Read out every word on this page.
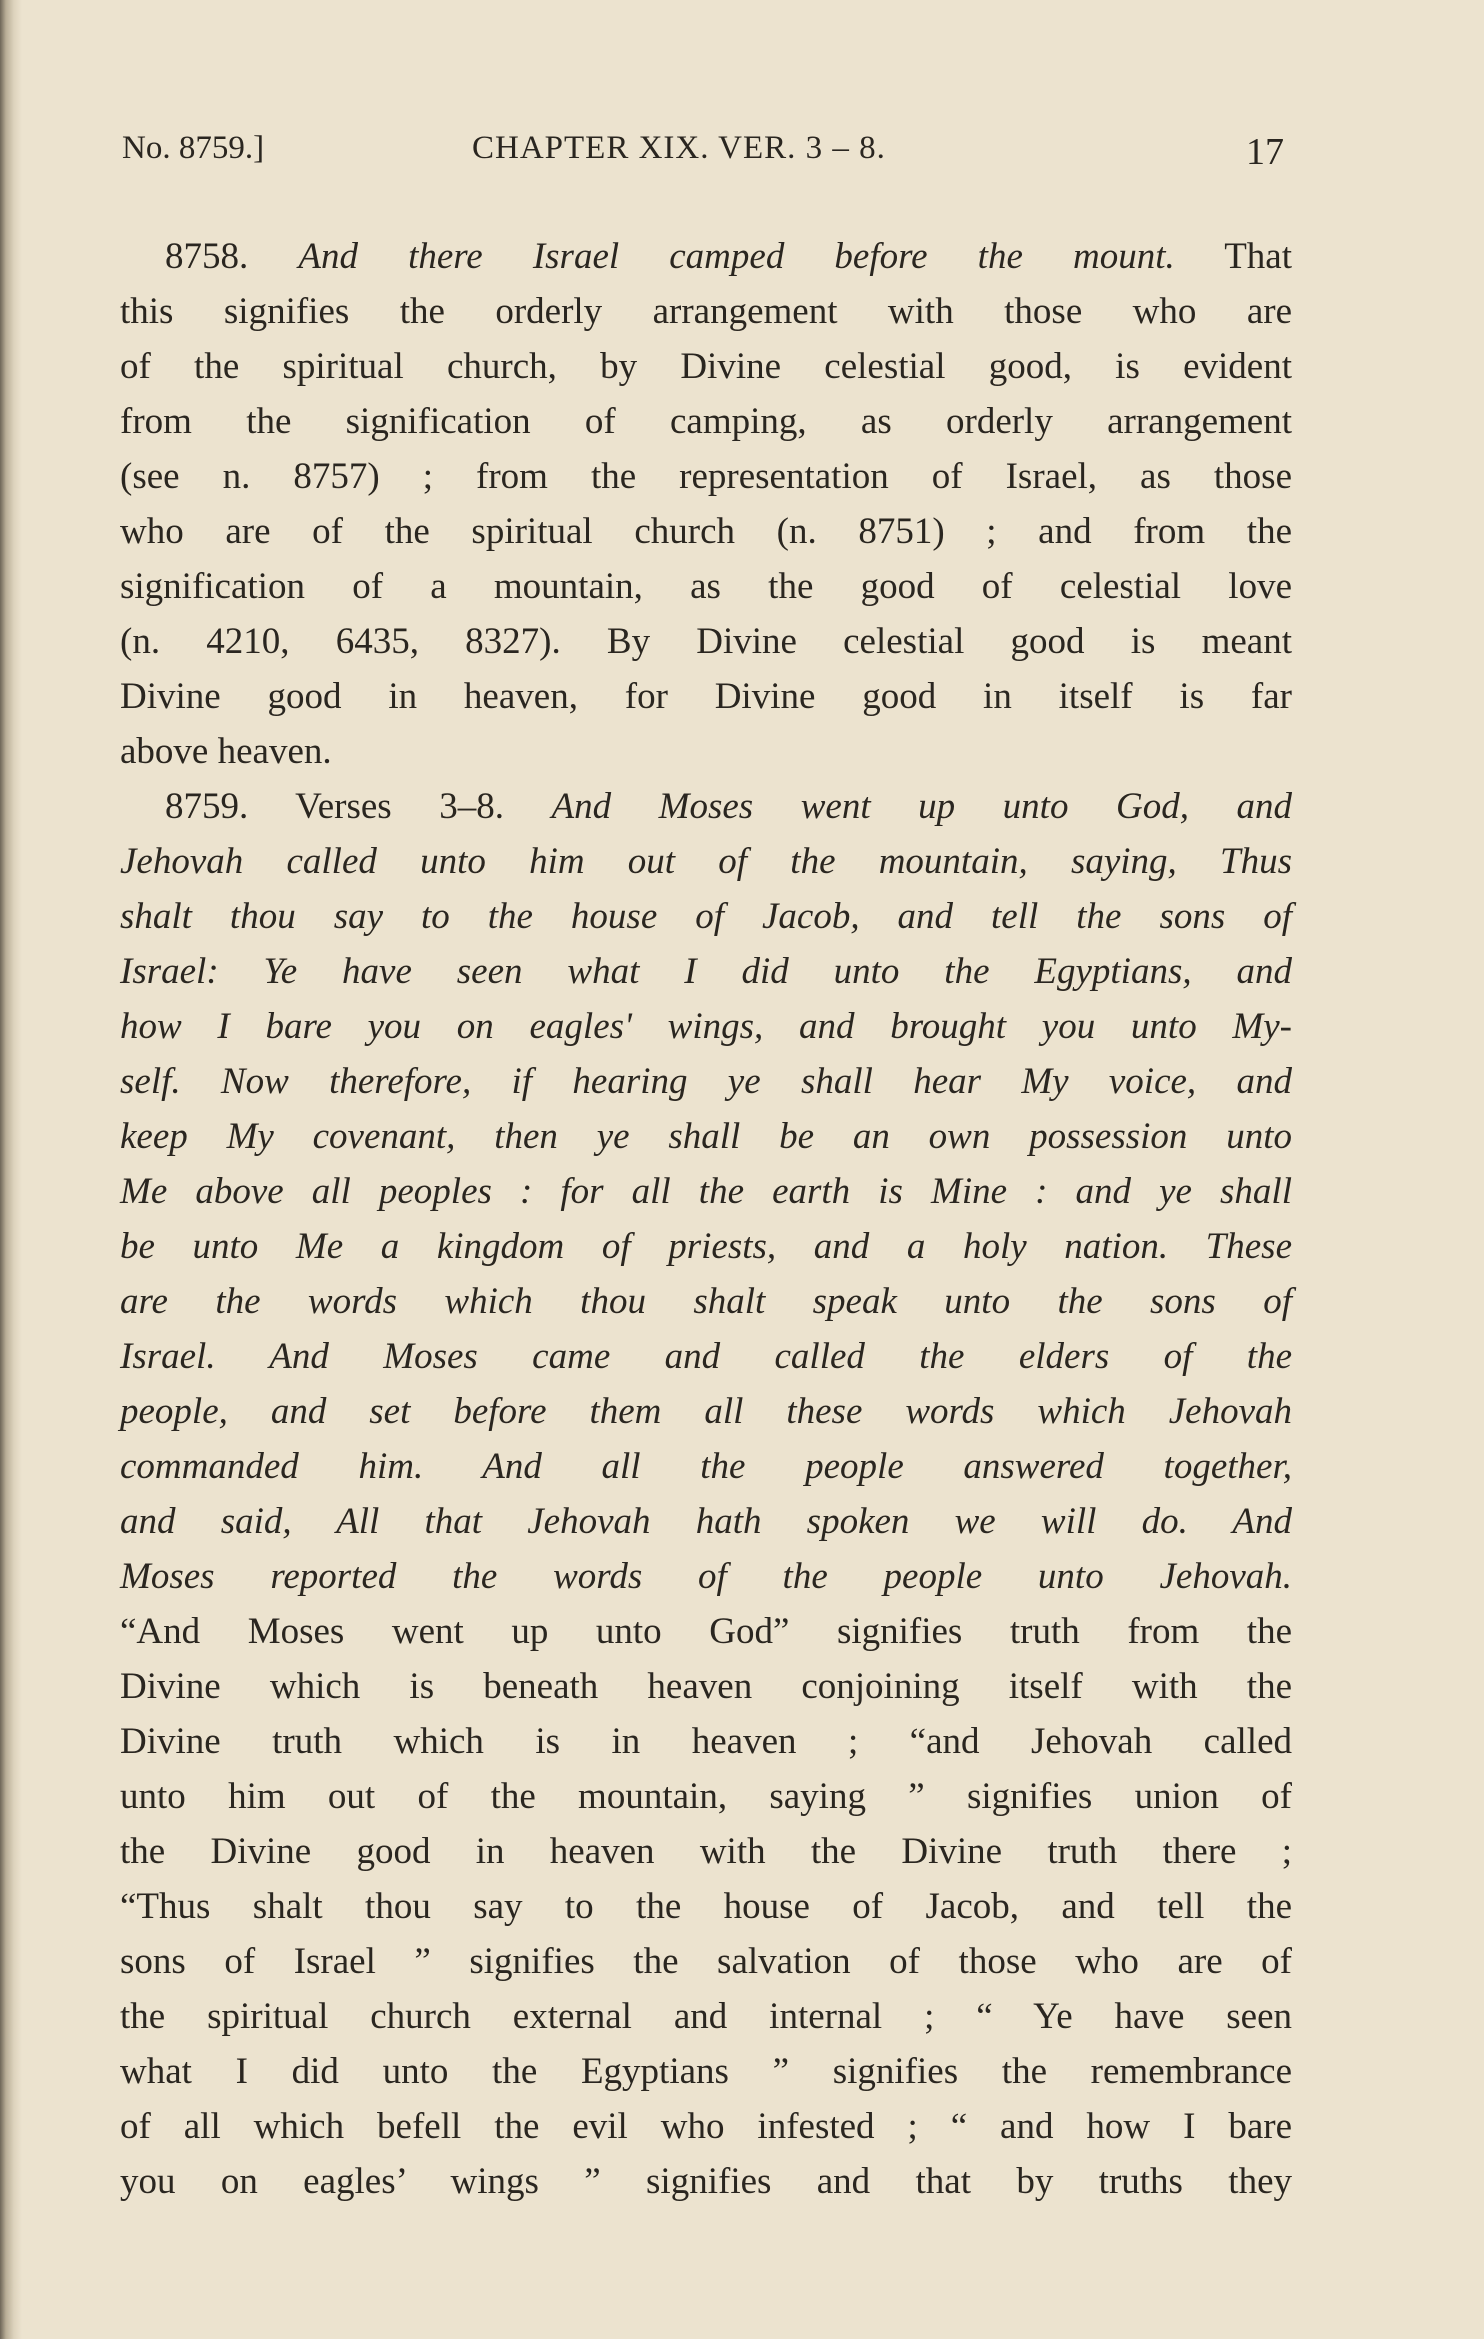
No. 8759.]	CHAPTER XIX. VER. 3 – 8.	17
8758. And there Israel camped before the mount. That
this signifies the orderly arrangement with those who are
of the spiritual church, by Divine celestial good, is evident
from the signification of camping, as orderly arrangement
(see n. 8757) ; from the representation of Israel, as those
who are of the spiritual church (n. 8751) ; and from the
signification of a mountain, as the good of celestial love
(n. 4210, 6435, 8327). By Divine celestial good is meant
Divine good in heaven, for Divine good in itself is far
above heaven.
8759. Verses 3–8. And Moses went up unto God, and
Jehovah called unto him out of the mountain, saying, Thus
shalt thou say to the house of Jacob, and tell the sons of
Israel: Ye have seen what I did unto the Egyptians, and
how I bare you on eagles' wings, and brought you unto My-
self. Now therefore, if hearing ye shall hear My voice, and
keep My covenant, then ye shall be an own possession unto
Me above all peoples : for all the earth is Mine : and ye shall
be unto Me a kingdom of priests, and a holy nation. These
are the words which thou shalt speak unto the sons of
Israel. And Moses came and called the elders of the
people, and set before them all these words which Jehovah
commanded him. And all the people answered together,
and said, All that Jehovah hath spoken we will do. And
Moses reported the words of the people unto Jehovah.
“And Moses went up unto God” signifies truth from the
Divine which is beneath heaven conjoining itself with the
Divine truth which is in heaven ; “and Jehovah called
unto him out of the mountain, saying ” signifies union of
the Divine good in heaven with the Divine truth there ;
“Thus shalt thou say to the house of Jacob, and tell the
sons of Israel ” signifies the salvation of those who are of
the spiritual church external and internal ; “ Ye have seen
what I did unto the Egyptians ” signifies the remembrance
of all which befell the evil who infested ; “ and how I bare
you on eagles’ wings ” signifies and that by truths they
